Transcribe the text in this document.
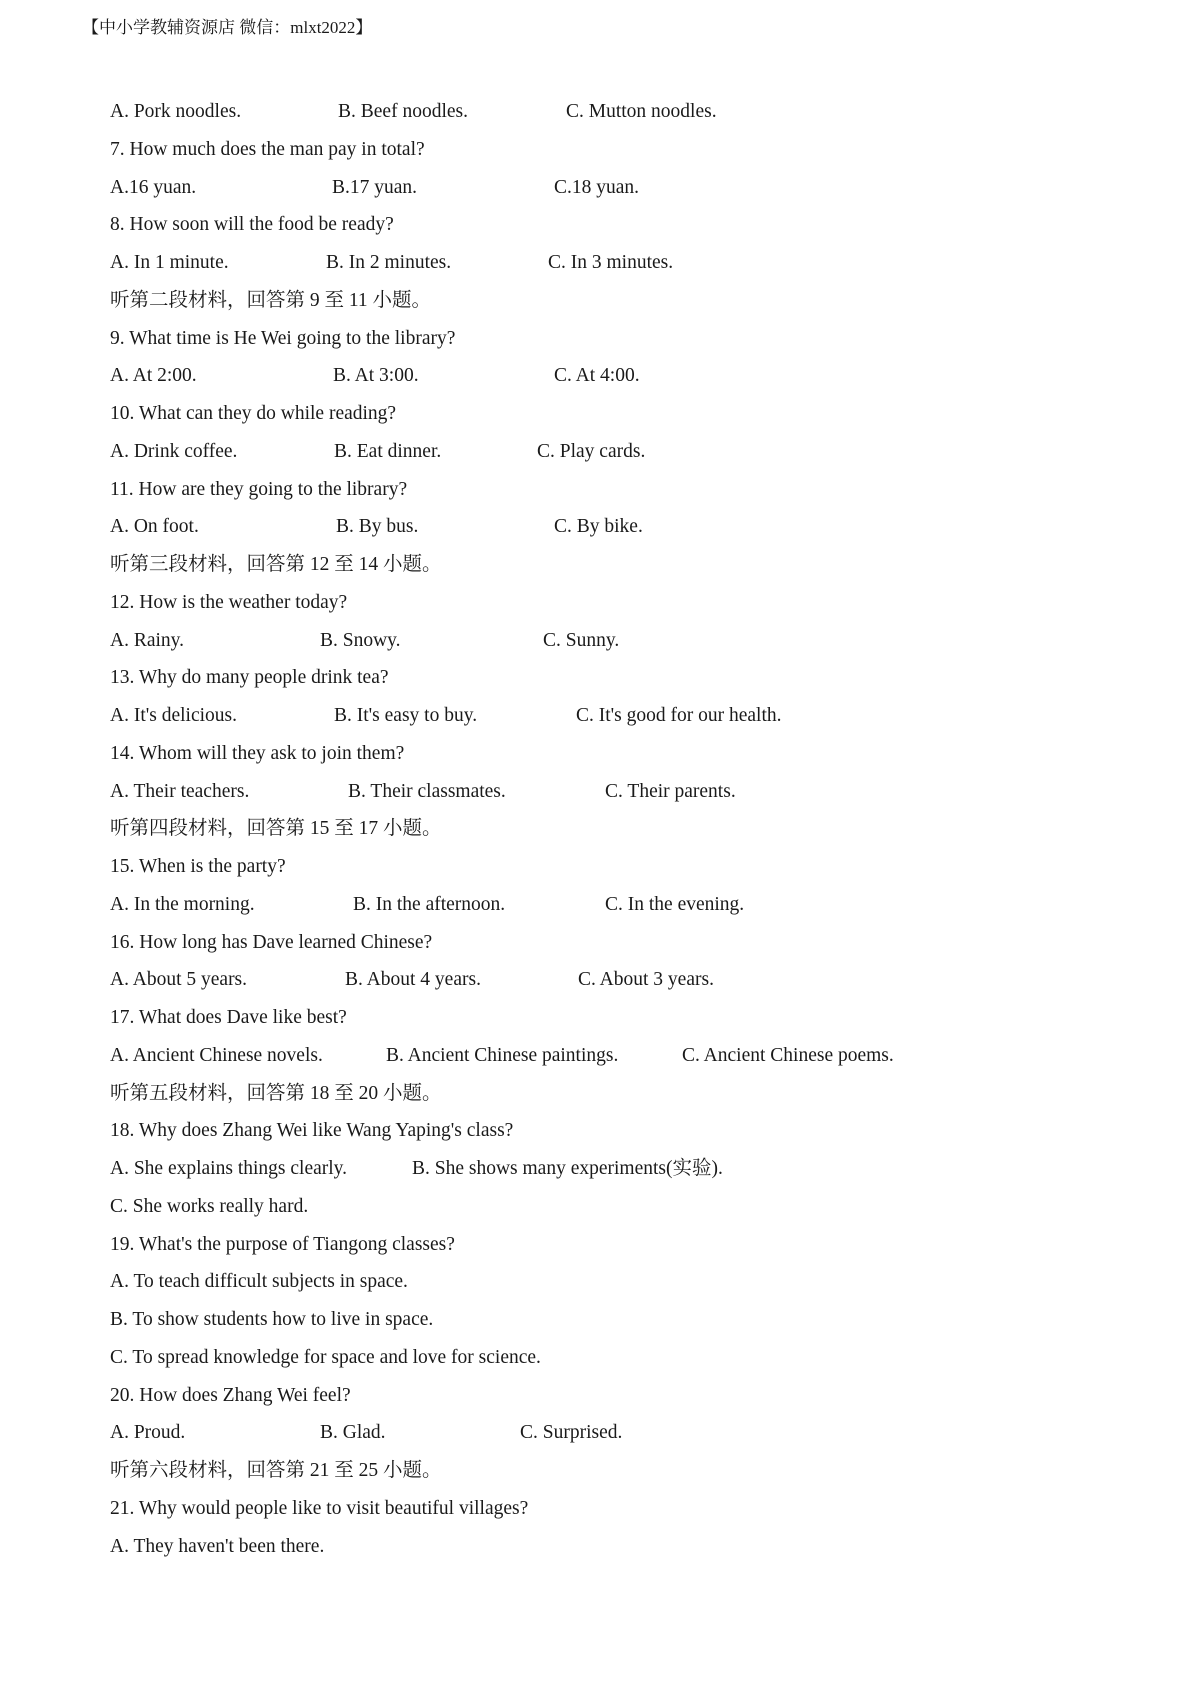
【中小学教辅资源店 微信：mlxt2022】
A. Pork noodles.	B. Beef noodles.	C. Mutton noodles.
7. How much does the man pay in total?
A.16 yuan.	B.17 yuan.	C.18 yuan.
8. How soon will the food be ready?
A. In 1 minute.	B. In 2 minutes.	C. In 3 minutes.
听第二段材料，回答第 9 至 11 小题。
9. What time is He Wei going to the library?
A. At 2:00.	B. At 3:00.	C. At 4:00.
10. What can they do while reading?
A. Drink coffee.	B. Eat dinner.	C. Play cards.
11. How are they going to the library?
A. On foot.	B. By bus.	C. By bike.
听第三段材料，回答第 12 至 14 小题。
12. How is the weather today?
A. Rainy.	B. Snowy.	C. Sunny.
13. Why do many people drink tea?
A. It's delicious.	B. It's easy to buy.	C. It's good for our health.
14. Whom will they ask to join them?
A. Their teachers.	B. Their classmates.	C. Their parents.
听第四段材料，回答第 15 至 17 小题。
15. When is the party?
A. In the morning.	B. In the afternoon.	C. In the evening.
16. How long has Dave learned Chinese?
A. About 5 years.	B. About 4 years.	C. About 3 years.
17. What does Dave like best?
A. Ancient Chinese novels.	B. Ancient Chinese paintings.	C. Ancient Chinese poems.
听第五段材料，回答第 18 至 20 小题。
18. Why does Zhang Wei like Wang Yaping's class?
A. She explains things clearly.	B. She shows many experiments(实验).
C. She works really hard.
19. What's the purpose of Tiangong classes?
A. To teach difficult subjects in space.
B. To show students how to live in space.
C. To spread knowledge for space and love for science.
20. How does Zhang Wei feel?
A. Proud.	B. Glad.	C. Surprised.
听第六段材料，回答第 21 至 25 小题。
21. Why would people like to visit beautiful villages?
A. They haven't been there.
